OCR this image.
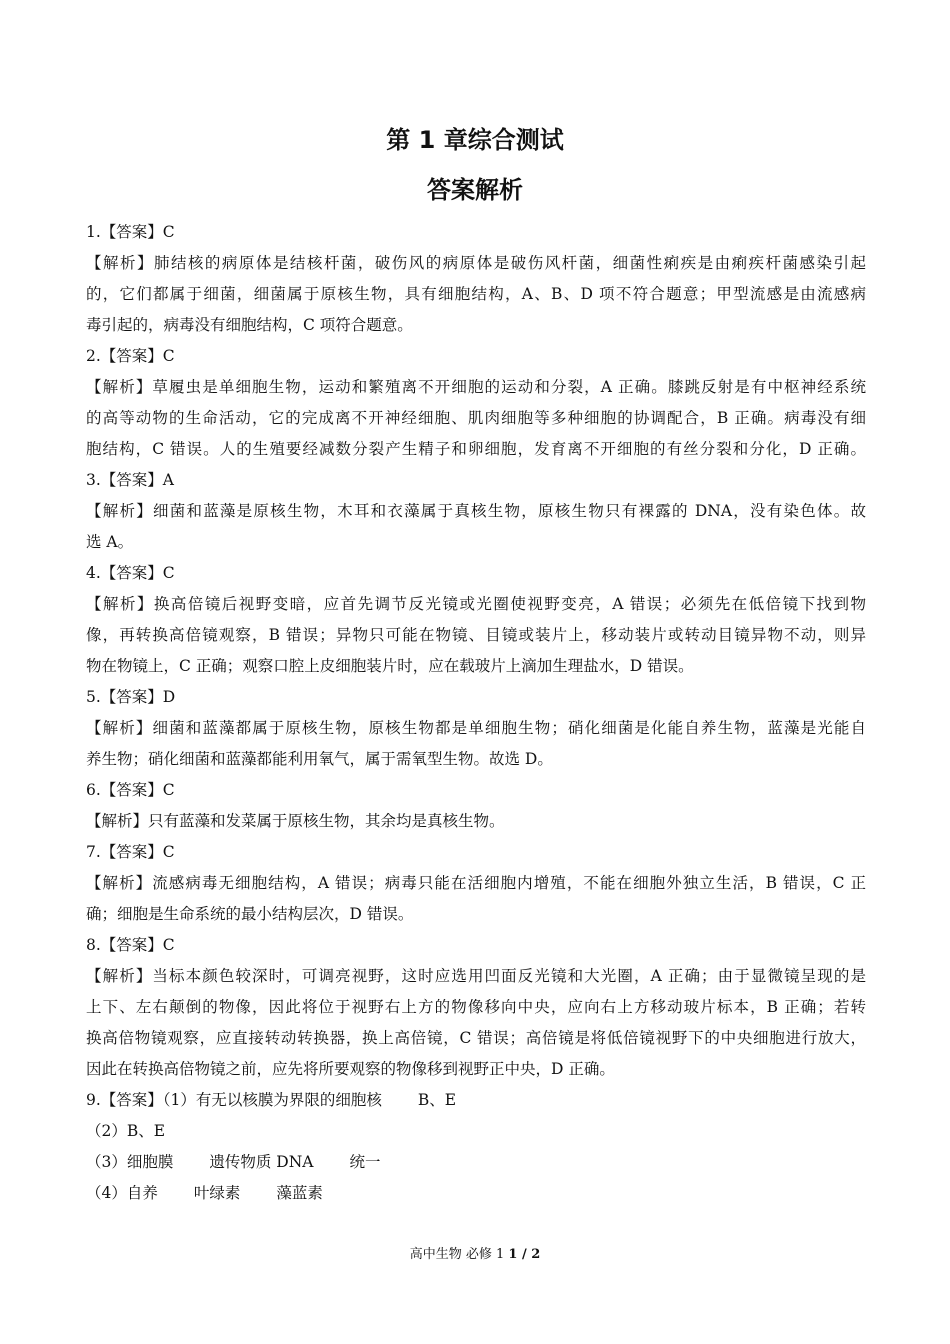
第 1 章综合测试
答案解析
1.【答案】C
【解析】肺结核的病原体是结核杆菌，破伤风的病原体是破伤风杆菌，细菌性痢疾是由痢疾杆菌感染引起
的，它们都属于细菌，细菌属于原核生物，具有细胞结构，A、B、D 项不符合题意；甲型流感是由流感病
毒引起的，病毒没有细胞结构，C 项符合题意。
2.【答案】C
【解析】草履虫是单细胞生物，运动和繁殖离不开细胞的运动和分裂，A 正确。膝跳反射是有中枢神经系统
的高等动物的生命活动，它的完成离不开神经细胞、肌肉细胞等多种细胞的协调配合，B 正确。病毒没有细
胞结构，C 错误。人的生殖要经减数分裂产生精子和卵细胞，发育离不开细胞的有丝分裂和分化，D 正确。
3.【答案】A
【解析】细菌和蓝藻是原核生物，木耳和衣藻属于真核生物，原核生物只有裸露的 DNA，没有染色体。故
选 A。
4.【答案】C
【解析】换高倍镜后视野变暗，应首先调节反光镜或光圈使视野变亮，A 错误；必须先在低倍镜下找到物
像，再转换高倍镜观察，B 错误；异物只可能在物镜、目镜或装片上，移动装片或转动目镜异物不动，则异
物在物镜上，C 正确；观察口腔上皮细胞装片时，应在载玻片上滴加生理盐水，D 错误。
5.【答案】D
【解析】细菌和蓝藻都属于原核生物，原核生物都是单细胞生物；硝化细菌是化能自养生物，蓝藻是光能自
养生物；硝化细菌和蓝藻都能利用氧气，属于需氧型生物。故选 D。
6.【答案】C
【解析】只有蓝藻和发菜属于原核生物，其余均是真核生物。
7.【答案】C
【解析】流感病毒无细胞结构，A 错误；病毒只能在活细胞内增殖，不能在细胞外独立生活，B 错误，C 正
确；细胞是生命系统的最小结构层次，D 错误。
8.【答案】C
【解析】当标本颜色较深时，可调亮视野，这时应选用凹面反光镜和大光圈，A 正确；由于显微镜呈现的是
上下、左右颠倒的物像，因此将位于视野右上方的物像移向中央，应向右上方移动玻片标本，B 正确；若转
换高倍物镜观察，应直接转动转换器，换上高倍镜，C 错误；高倍镜是将低倍镜视野下的中央细胞进行放大，
因此在转换高倍物镜之前，应先将所要观察的物像移到视野正中央，D 正确。
9.【答案】（1）有无以核膜为界限的细胞核 B、E
（2）B、E
（3）细胞膜 遗传物质 DNA 统一
（4）自养 叶绿素 藻蓝素
高中生物 必修 1 1 / 2
